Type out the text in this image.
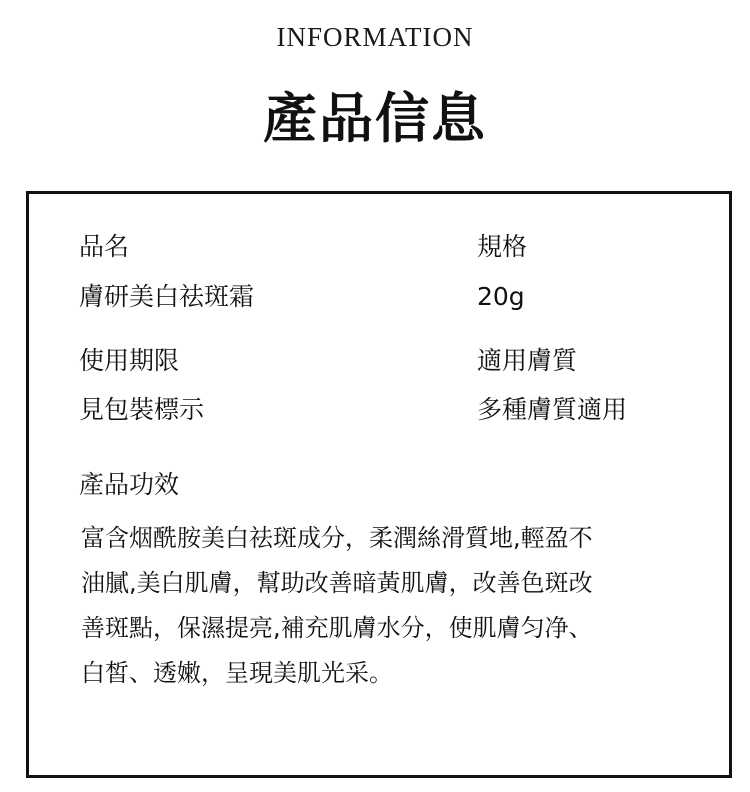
INFORMATION
產品信息
品名
膚研美白祛斑霜
規格
20g
使用期限
見包裝標示
適用膚質
多種膚質適用
產品功效
富含烟酰胺美白祛斑成分，柔潤絲滑質地,輕盈不
油膩,美白肌膚，幫助改善暗黃肌膚，改善色斑改
善斑點，保濕提亮,補充肌膚水分，使肌膚匀净、
白皙、透嫩，呈現美肌光采。
